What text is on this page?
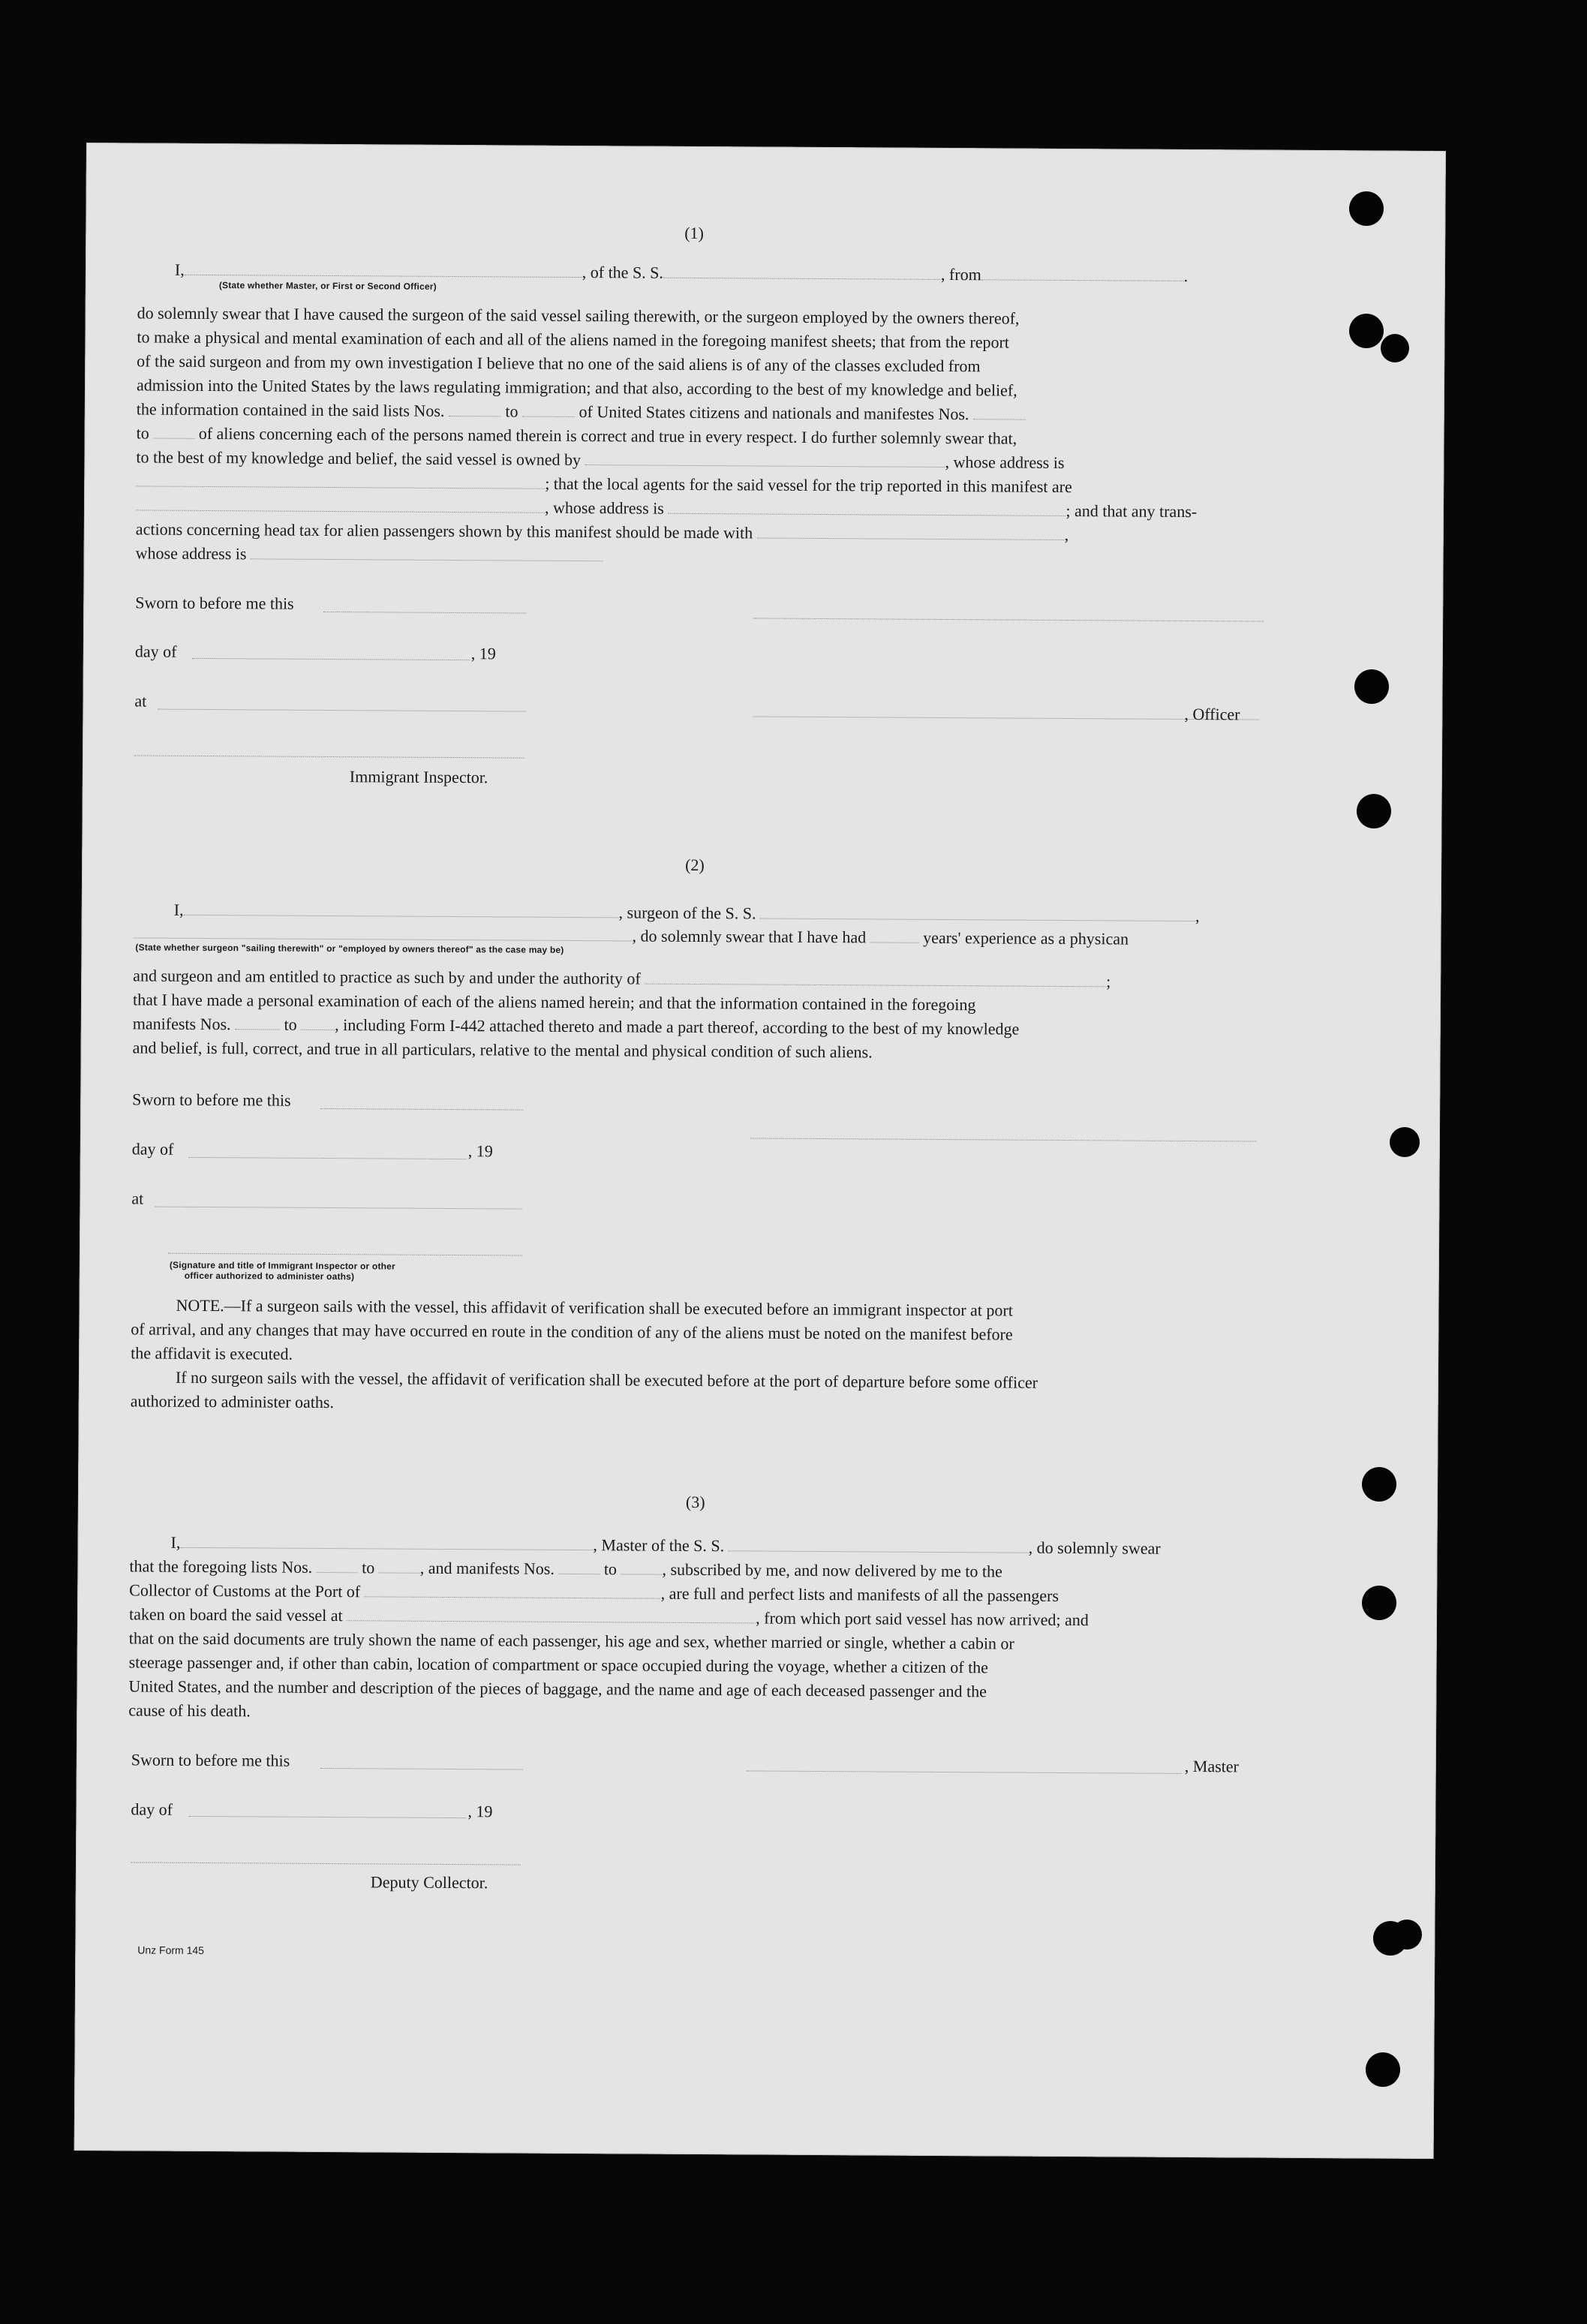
(1)
I,	, of the S. S.	, from	.
(State whether Master, or First or Second Officer)
do solemnly swear that I have caused the surgeon of the said vessel sailing therewith, or the surgeon employed by the owners thereof,
to make a physical and mental examination of each and all of the aliens named in the foregoing manifest sheets; that from the report
of the said surgeon and from my own investigation I believe that no one of the said aliens is of any of the classes excluded from
admission into the United States by the laws regulating immigration; and that also, according to the best of my knowledge and belief,
the information contained in the said lists Nos.	to	of United States citizens and nationals and manifestes Nos.
to	of aliens concerning each of the persons named therein is correct and true in every respect. I do further solemnly swear that,
to the best of my knowledge and belief, the said vessel is owned by	, whose address is
; that the local agents for the said vessel for the trip reported in this manifest are
, whose address is	; and that any trans-
actions concerning head tax for alien passengers shown by this manifest should be made with	,
whose address is
Sworn to before me this
day of	, 19
at
, Officer
Immigrant Inspector.
(2)
I,	, surgeon of the S. S.	,
, do solemnly swear that I have had	years' experience as a physican
(State whether surgeon "sailing therewith" or "employed by owners thereof" as the case may be)
and surgeon and am entitled to practice as such by and under the authority of	;
that I have made a personal examination of each of the aliens named herein; and that the information contained in the foregoing
manifests Nos.	to , including Form I-442 attached thereto and made a part thereof, according to the best of my knowledge
and belief, is full, correct, and true in all particulars, relative to the mental and physical condition of such aliens.
Sworn to before me this
day of	, 19
at
(Signature and title of Immigrant Inspector or other
officer authorized to administer oaths)
NOTE.—If a surgeon sails with the vessel, this affidavit of verification shall be executed before an immigrant inspector at port
of arrival, and any changes that may have occurred en route in the condition of any of the aliens must be noted on the manifest before
the affidavit is executed.
If no surgeon sails with the vessel, the affidavit of verification shall be executed before at the port of departure before some officer
authorized to administer oaths.
(3)
I,	, Master of the S. S.	, do solemnly swear
that the foregoing lists Nos.	to	, and manifests Nos.	to	, subscribed by me, and now delivered by me to the
Collector of Customs at the Port of	, are full and perfect lists and manifests of all the passengers
taken on board the said vessel at	, from which port said vessel has now arrived; and
that on the said documents are truly shown the name of each passenger, his age and sex, whether married or single, whether a cabin or
steerage passenger and, if other than cabin, location of compartment or space occupied during the voyage, whether a citizen of the
United States, and the number and description of the pieces of baggage, and the name and age of each deceased passenger and the
cause of his death.
Sworn to before me this	, Master
day of	, 19
Deputy Collector.
Unz Form 145
